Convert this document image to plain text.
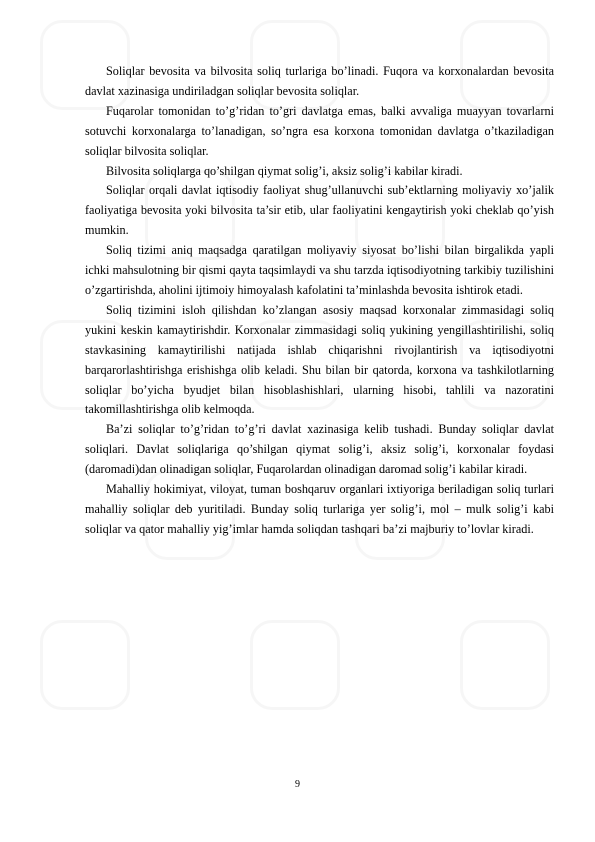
Soliqlar bevosita va bilvosita soliq turlariga bo’linadi. Fuqora va korxonalardan bevosita davlat xazinasiga undiriladgan soliqlar bevosita soliqlar.

Fuqarolar tomonidan to’g’ridan to’gri davlatga emas, balki avvaliga muayyan tovarlarni sotuvchi korxonalarga to’lanadigan, so’ngra esa korxona tomonidan davlatga o’tkaziladigan soliqlar bilvosita soliqlar.

Bilvosita soliqlarga qo’shilgan qiymat solig’i, aksiz solig’i kabilar kiradi.

Soliqlar orqali davlat iqtisodiy faoliyat shug’ullanuvchi sub’ektlarning moliyaviy xo’jalik faoliyatiga bevosita yoki bilvosita ta’sir etib, ular faoliyatini kengaytirish yoki cheklab qo’yish mumkin.

Soliq tizimi aniq maqsadga qaratilgan moliyaviy siyosat bo’lishi bilan birgalikda yapli ichki mahsulotning bir qismi qayta taqsimlaydi va shu tarzda iqtisodiyotning tarkibiy tuzilishini o’zgartirishda, aholini ijtimoiy himoyalash kafolatini ta’minlashda bevosita ishtirok etadi.

Soliq tizimini isloh qilishdan ko’zlangan asosiy maqsad korxonalar zimmasidagi soliq yukini keskin kamaytirishdir. Korxonalar zimmasidagi soliq yukining yengillashtirilishi, soliq stavkasining kamaytirilishi natijada ishlab chiqarishni rivojlantirish va iqtisodiyotni barqarorlashtirishga erishishga olib keladi. Shu bilan bir qatorda, korxona va tashkilotlarning soliqlar bo’yicha byudjet bilan hisoblashishlari, ularning hisobi, tahlili va nazoratini takomillashtirishga olib kelmoqda.

Ba’zi soliqlar to’g’ridan to’g’ri davlat xazinasiga kelib tushadi. Bunday soliqlar davlat soliqlari. Davlat soliqlariga qo’shilgan qiymat solig’i, aksiz solig’i, korxonalar foydasi (daromadi)dan olinadigan soliqlar, Fuqarolardan olinadigan daromad solig’i kabilar kiradi.

Mahalliy hokimiyat, viloyat, tuman boshqaruv organlari ixtiyoriga beriladigan soliq turlari mahalliy soliqlar deb yuritiladi. Bunday soliq turlariga yer solig’i, mol – mulk solig’i kabi soliqlar va qator mahalliy yig’imlar hamda soliqdan tashqari ba’zi majburiy to’lovlar kiradi.

9
